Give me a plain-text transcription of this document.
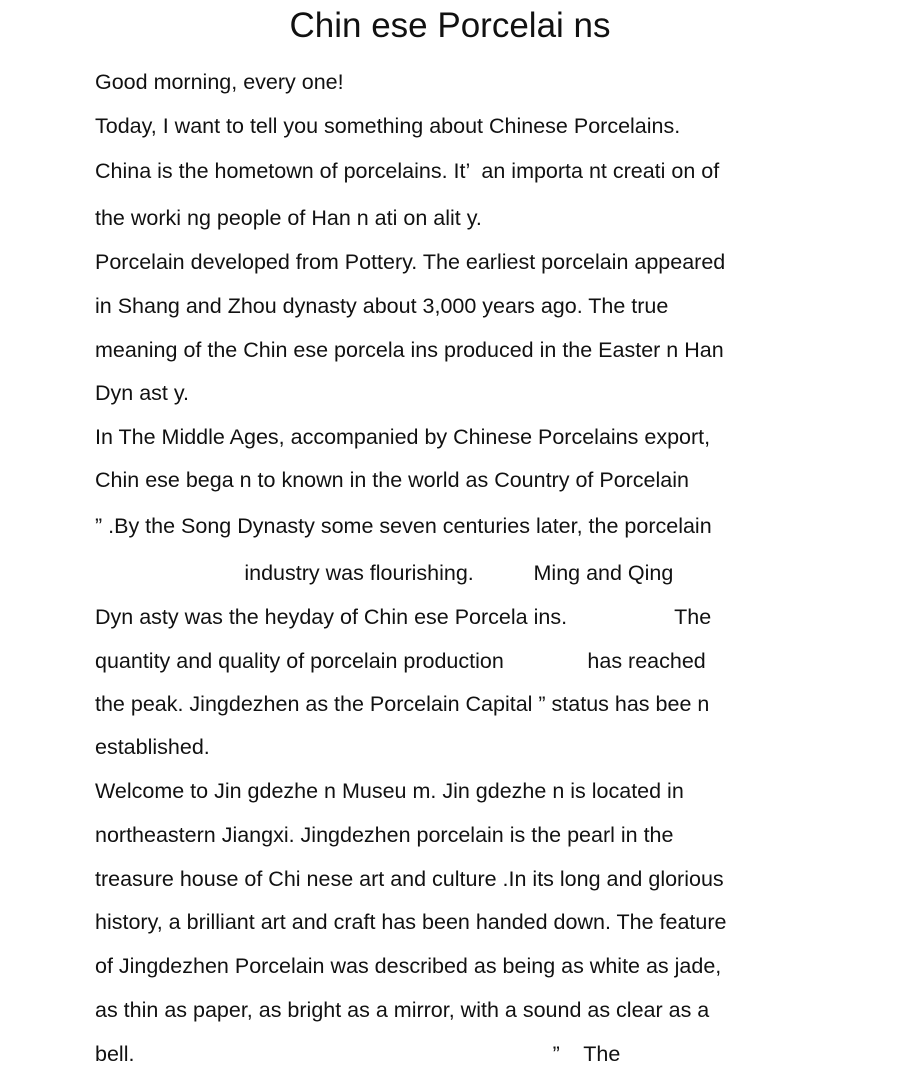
Chin ese Porcelai ns
Good morning, every one!
Today, I want to tell you something about Chinese Porcelains.
China is the hometown of porcelains. It’  an importa nt creati on of
the worki ng people of Han n ati on alit y.
Porcelain developed from Pottery. The earliest porcelain appeared
in Shang and Zhou dynasty about 3,000 years ago. The true
meaning of the Chin ese porcela ins produced in the Easter n Han
Dyn ast y.
In The Middle Ages, accompanied by Chinese Porcelains export,
Chin ese bega n to known in the world as Country of Porcelain
” .By the Song Dynasty some seven centuries later, the porcelain
industry was flourishing.          Ming and Qing
Dyn asty was the heyday of Chin ese Porcela ins.                  The
quantity and quality of porcelain production              has reached
the peak. Jingdezhen as the Porcelain Capital ” status has bee n
established.
Welcome to Jin gdezhe n Museu m. Jin gdezhe n is located in
northeastern Jiangxi. Jingdezhen porcelain is the pearl in the
treasure house of Chi nese art and culture .In its long and glorious
history, a brilliant art and craft has been handed down. The feature
of Jingdezhen Porcelain was described as being as white as jade,
as thin as paper, as bright as a mirror, with a sound as clear as a
bell.                                                                      ”    The
